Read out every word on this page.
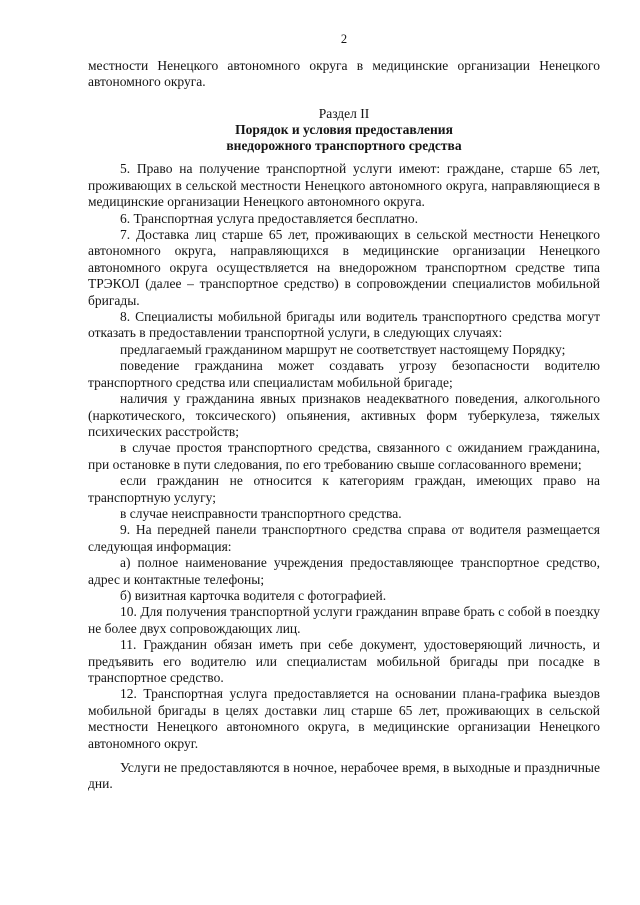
2

местности Ненецкого автономного округа в медицинские организации Ненецкого автономного округа.

Раздел II
Порядок и условия предоставления
внедорожного транспортного средства

5. Право на получение транспортной услуги имеют: граждане, старше 65 лет, проживающих в сельской местности Ненецкого автономного округа, направляющиеся в медицинские организации Ненецкого автономного округа.

6. Транспортная услуга предоставляется бесплатно.

7. Доставка лиц старше 65 лет, проживающих в сельской местности Ненецкого автономного округа, направляющихся в медицинские организации Ненецкого автономного округа осуществляется на внедорожном транспортном средстве типа ТРЭКОЛ (далее – транспортное средство) в сопровождении специалистов мобильной бригады.

8. Специалисты мобильной бригады или водитель транспортного средства могут отказать в предоставлении транспортной услуги, в следующих случаях:

предлагаемый гражданином маршрут не соответствует настоящему Порядку;

поведение гражданина может создавать угрозу безопасности водителю транспортного средства или специалистам мобильной бригаде;

наличия у гражданина явных признаков неадекватного поведения, алкогольного (наркотического, токсического) опьянения, активных форм туберкулеза, тяжелых психических расстройств;

в случае простоя транспортного средства, связанного с ожиданием гражданина, при остановке в пути следования, по его требованию свыше согласованного времени;

если гражданин не относится к категориям граждан, имеющих право на транспортную услугу;

в случае неисправности транспортного средства.

9. На передней панели транспортного средства справа от водителя размещается следующая информация:

а) полное наименование учреждения предоставляющее транспортное средство, адрес и контактные телефоны;

б) визитная карточка водителя с фотографией.

10. Для получения транспортной услуги гражданин вправе брать с собой в поездку не более двух сопровождающих лиц.

11. Гражданин обязан иметь при себе документ, удостоверяющий личность, и предъявить его водителю или специалистам мобильной бригады при посадке в транспортное средство.

12. Транспортная услуга предоставляется на основании плана-графика выездов мобильной бригады в целях доставки лиц старше 65 лет, проживающих в сельской местности Ненецкого автономного округа, в медицинские организации Ненецкого автономного округ.

Услуги не предоставляются в ночное, нерабочее время, в выходные и праздничные дни.
